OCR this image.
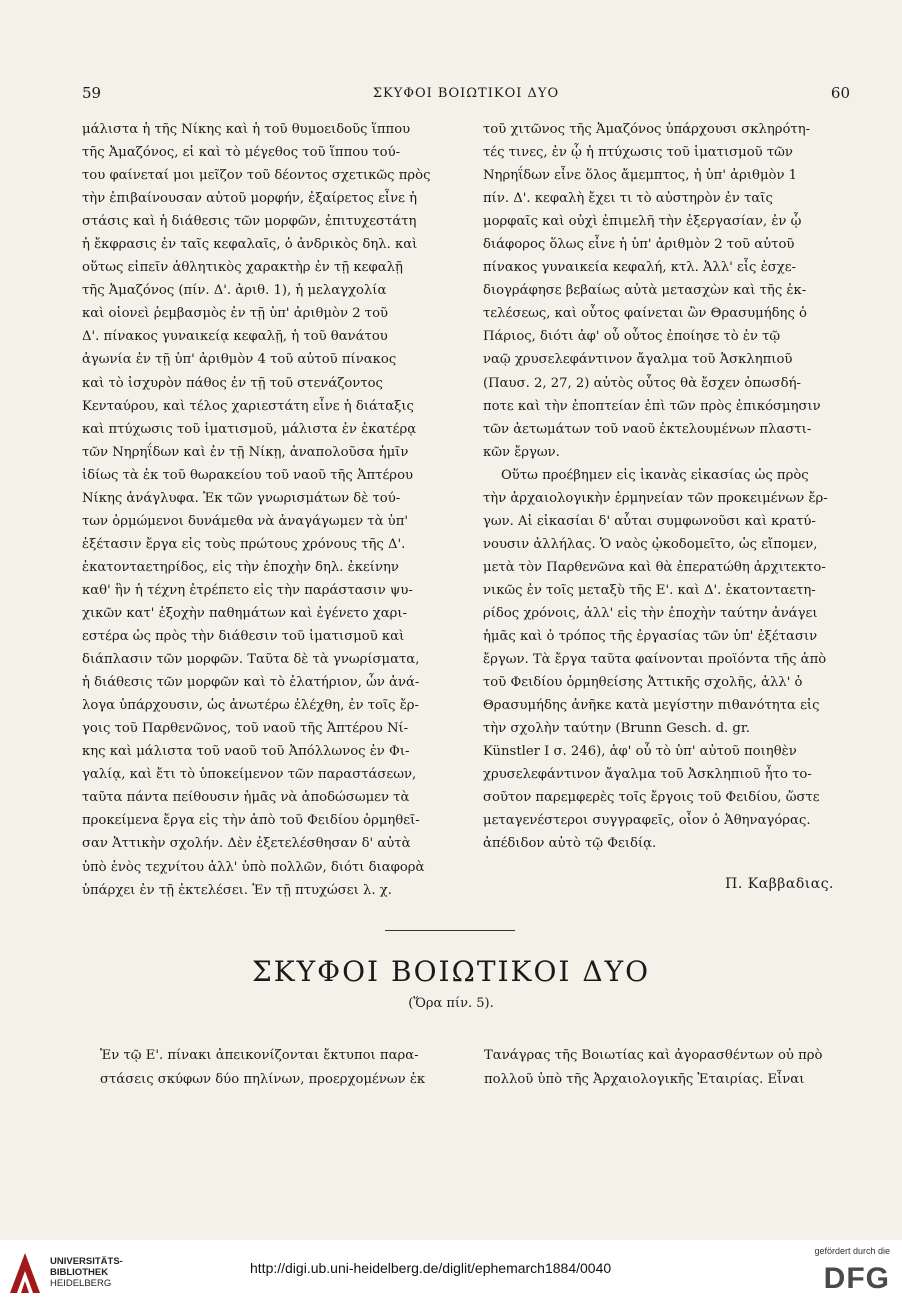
59	ΣΚΥΦΟΙ ΒΟΙΩΤΙΚΟΙ ΔΥΟ	60
μάλιστα ἡ τῆς Νίκης καὶ ἡ τοῦ θυμοειδοῦς ἵππου
τῆς Ἀμαζόνος, εἰ καὶ τὸ μέγεθος τοῦ ἵππου τού-
του φαίνεταί μοι μεῖζον τοῦ δέοντος σχετικῶς πρὸς
τὴν ἐπιβαίνουσαν αὐτοῦ μορφήν, ἐξαίρετος εἶνε ἡ
στάσις καὶ ἡ διάθεσις τῶν μορφῶν, ἐπιτυχεστάτη
ἡ ἔκφρασις ἐν ταῖς κεφαλαῖς, ὁ ἀνδρικὸς δηλ. καὶ
οὕτως εἰπεῖν ἀθλητικὸς χαρακτὴρ ἐν τῇ κεφαλῇ
τῆς Ἀμαζόνος (πίν. Δ'. ἀριθ. 1), ἡ μελαγχολία
καὶ οἱονεὶ ῥεμβασμὸς ἐν τῇ ὑπ' ἀριθμὸν 2 τοῦ
Δ'. πίνακος γυναικείᾳ κεφαλῇ, ἡ τοῦ θανάτου
ἀγωνία ἐν τῇ ὑπ' ἀριθμὸν 4 τοῦ αὐτοῦ πίνακος
καὶ τὸ ἰσχυρὸν πάθος ἐν τῇ τοῦ στενάζοντος
Κενταύρου, καὶ τέλος χαριεστάτη εἶνε ἡ διάταξις
καὶ πτύχωσις τοῦ ἱματισμοῦ, μάλιστα ἐν ἑκατέρᾳ
τῶν Νηρηΐδων καὶ ἐν τῇ Νίκῃ, ἀναπολοῦσα ἡμῖν
ἰδίως τὰ ἐκ τοῦ θωρακείου τοῦ ναοῦ τῆς Ἀπτέρου
Νίκης ἀνάγλυφα. Ἐκ τῶν γνωρισμάτων δὲ τού-
των ὁρμώμενοι δυνάμεθα νὰ ἀναγάγωμεν τὰ ὑπ'
ἐξέτασιν ἔργα εἰς τοὺς πρώτους χρόνους τῆς Δ'.
ἑκατονταετηρίδος, εἰς τὴν ἐποχὴν δηλ. ἐκείνην
καθ' ἣν ἡ τέχνη ἐτρέπετο εἰς τὴν παράστασιν ψυ-
χικῶν κατ' ἐξοχὴν παθημάτων καὶ ἐγένετο χαρι-
εστέρα ὡς πρὸς τὴν διάθεσιν τοῦ ἱματισμοῦ καὶ
διάπλασιν τῶν μορφῶν. Ταῦτα δὲ τὰ γνωρίσματα,
ἡ διάθεσις τῶν μορφῶν καὶ τὸ ἐλατήριον, ὧν ἀνά-
λογα ὑπάρχουσιν, ὡς ἀνωτέρω ἐλέχθη, ἐν τοῖς ἔρ-
γοις τοῦ Παρθενῶνος, τοῦ ναοῦ τῆς Ἀπτέρου Νί-
κης καὶ μάλιστα τοῦ ναοῦ τοῦ Ἀπόλλωνος ἐν Φι-
γαλίᾳ, καὶ ἔτι τὸ ὑποκείμενον τῶν παραστάσεων,
ταῦτα πάντα πείθουσιν ἡμᾶς νὰ ἀποδώσωμεν τὰ
προκείμενα ἔργα εἰς τὴν ἀπὸ τοῦ Φειδίου ὁρμηθεῖ-
σαν Ἀττικὴν σχολήν. Δὲν ἐξετελέσθησαν δ' αὐτὰ
ὑπὸ ἑνὸς τεχνίτου ἀλλ' ὑπὸ πολλῶν, διότι διαφορὰ
ὑπάρχει ἐν τῇ ἐκτελέσει. Ἐν τῇ πτυχώσει λ. χ.
τοῦ χιτῶνος τῆς Ἀμαζόνος ὑπάρχουσι σκληρότη-
τές τινες, ἐν ᾧ ἡ πτύχωσις τοῦ ἱματισμοῦ τῶν
Νηρηΐδων εἶνε ὅλος ἄμεμπτος, ἡ ὑπ' ἀριθμὸν 1
πίν. Δ'. κεφαλὴ ἔχει τι τὸ αὐστηρὸν ἐν ταῖς
μορφαῖς καὶ οὐχὶ ἐπιμελῆ τὴν ἐξεργασίαν, ἐν ᾧ
διάφορος ὅλως εἶνε ἡ ὑπ' ἀριθμὸν 2 τοῦ αὐτοῦ
πίνακος γυναικεία κεφαλή, κτλ. Ἀλλ' εἷς ἐσχε-
διογράφησε βεβαίως αὐτὰ μετασχὼν καὶ τῆς ἐκ-
τελέσεως, καὶ οὗτος φαίνεται ὢν Θρασυμήδης ὁ
Πάριος, διότι ἀφ' οὗ οὗτος ἐποίησε τὸ ἐν τῷ
ναῷ χρυσελεφάντινον ἄγαλμα τοῦ Ἀσκληπιοῦ
(Παυσ. 2, 27, 2) αὐτὸς οὗτος θὰ ἔσχεν ὁπωσδή-
ποτε καὶ τὴν ἐποπτείαν ἐπὶ τῶν πρὸς ἐπικόσμησιν
τῶν ἀετωμάτων τοῦ ναοῦ ἐκτελουμένων πλαστι-
κῶν ἔργων.
Οὕτω προέβημεν εἰς ἱκανὰς εἰκασίας ὡς πρὸς
τὴν ἀρχαιολογικὴν ἑρμηνείαν τῶν προκειμένων ἔρ-
γων. Αἱ εἰκασίαι δ' αὗται συμφωνοῦσι καὶ κρατύ-
νουσιν ἀλλήλας. Ὁ ναὸς ᾠκοδομεῖτο, ὡς εἴπομεν,
μετὰ τὸν Παρθενῶνα καὶ θὰ ἐπερατώθη ἀρχιτεκτο-
νικῶς ἐν τοῖς μεταξὺ τῆς Ε'. καὶ Δ'. ἑκατονταετη-
ρίδος χρόνοις, ἀλλ' εἰς τὴν ἐποχὴν ταύτην ἀνάγει
ἡμᾶς καὶ ὁ τρόπος τῆς ἐργασίας τῶν ὑπ' ἐξέτασιν
ἔργων. Τὰ ἔργα ταῦτα φαίνονται προϊόντα τῆς ἀπὸ
τοῦ Φειδίου ὁρμηθείσης Ἀττικῆς σχολῆς, ἀλλ' ὁ
Θρασυμήδης ἀνῆκε κατὰ μεγίστην πιθανότητα εἰς
τὴν σχολὴν ταύτην (Brunn Gesch. d. gr.
Künstler I σ. 246), ἀφ' οὗ τὸ ὑπ' αὐτοῦ ποιηθὲν
χρυσελεφάντινον ἄγαλμα τοῦ Ἀσκληπιοῦ ἦτο το-
σοῦτον παρεμφερὲς τοῖς ἔργοις τοῦ Φειδίου, ὥστε
μεταγενέστεροι συγγραφεῖς, οἷον ὁ Ἀθηναγόρας.
ἀπέδιδον αὐτὸ τῷ Φειδίᾳ.
Π. Καββαδιας.
ΣΚΥΦΟΙ ΒΟΙΩΤΙΚΟΙ ΔΥΟ
(Ὅρα πίν. 5).
Ἐν τῷ Ε'. πίνακι ἀπεικονίζονται ἔκτυποι παρα-
στάσεις σκύφων δύο πηλίνων, προερχομένων ἐκ
Τανάγρας τῆς Βοιωτίας καὶ ἀγορασθέντων οὐ πρὸ
πολλοῦ ὑπὸ τῆς Ἀρχαιολογικῆς Ἑταιρίας. Εἶναι
UNIVERSITÄTS-
BIBLIOTHEK
HEIDELBERG
http://digi.ub.uni-heidelberg.de/diglit/ephemarch1884/0040
gefördert durch die
DFG
